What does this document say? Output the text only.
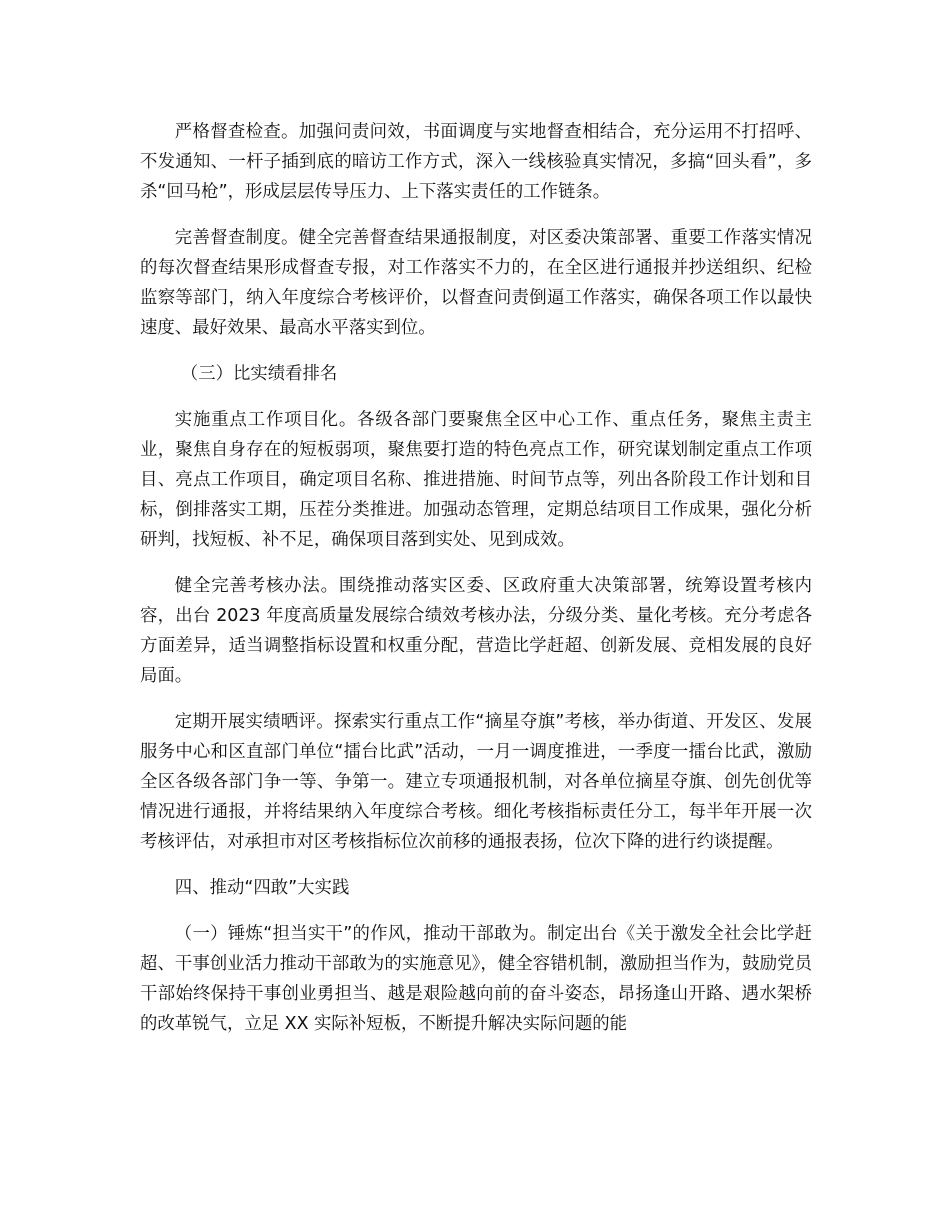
严格督查检查。加强问责问效，书面调度与实地督查相结合，充分运用不打招呼、不发通知、一杆子插到底的暗访工作方式，深入一线核验真实情况，多搞“回头看”，多杀“回马枪”，形成层层传导压力、上下落实责任的工作链条。

完善督查制度。健全完善督查结果通报制度，对区委决策部署、重要工作落实情况的每次督查结果形成督查专报，对工作落实不力的，在全区进行通报并抄送组织、纪检监察等部门，纳入年度综合考核评价，以督查问责倒逼工作落实，确保各项工作以最快速度、最好效果、最高水平落实到位。

（三）比实绩看排名

实施重点工作项目化。各级各部门要聚焦全区中心工作、重点任务，聚焦主责主业，聚焦自身存在的短板弱项，聚焦要打造的特色亮点工作，研究谋划制定重点工作项目、亮点工作项目，确定项目名称、推进措施、时间节点等，列出各阶段工作计划和目标，倒排落实工期，压茬分类推进。加强动态管理，定期总结项目工作成果，强化分析研判，找短板、补不足，确保项目落到实处、见到成效。

健全完善考核办法。围绕推动落实区委、区政府重大决策部署，统筹设置考核内容，出台 2023 年度高质量发展综合绩效考核办法，分级分类、量化考核。充分考虑各方面差异，适当调整指标设置和权重分配，营造比学赶超、创新发展、竞相发展的良好局面。

定期开展实绩晒评。探索实行重点工作“摘星夺旗”考核，举办街道、开发区、发展服务中心和区直部门单位“擂台比武”活动，一月一调度推进，一季度一擂台比武，激励全区各级各部门争一等、争第一。建立专项通报机制，对各单位摘星夺旗、创先创优等情况进行通报，并将结果纳入年度综合考核。细化考核指标责任分工，每半年开展一次考核评估，对承担市对区考核指标位次前移的通报表扬，位次下降的进行约谈提醒。

四、推动“四敢”大实践

（一）锤炼“担当实干”的作风，推动干部敢为。制定出台《关于激发全社会比学赶超、干事创业活力推动干部敢为的实施意见》，健全容错机制，激励担当作为，鼓励党员干部始终保持干事创业勇担当、越是艰险越向前的奋斗姿态，昂扬逢山开路、遇水架桥的改革锐气，立足 XX 实际补短板，不断提升解决实际问题的能
